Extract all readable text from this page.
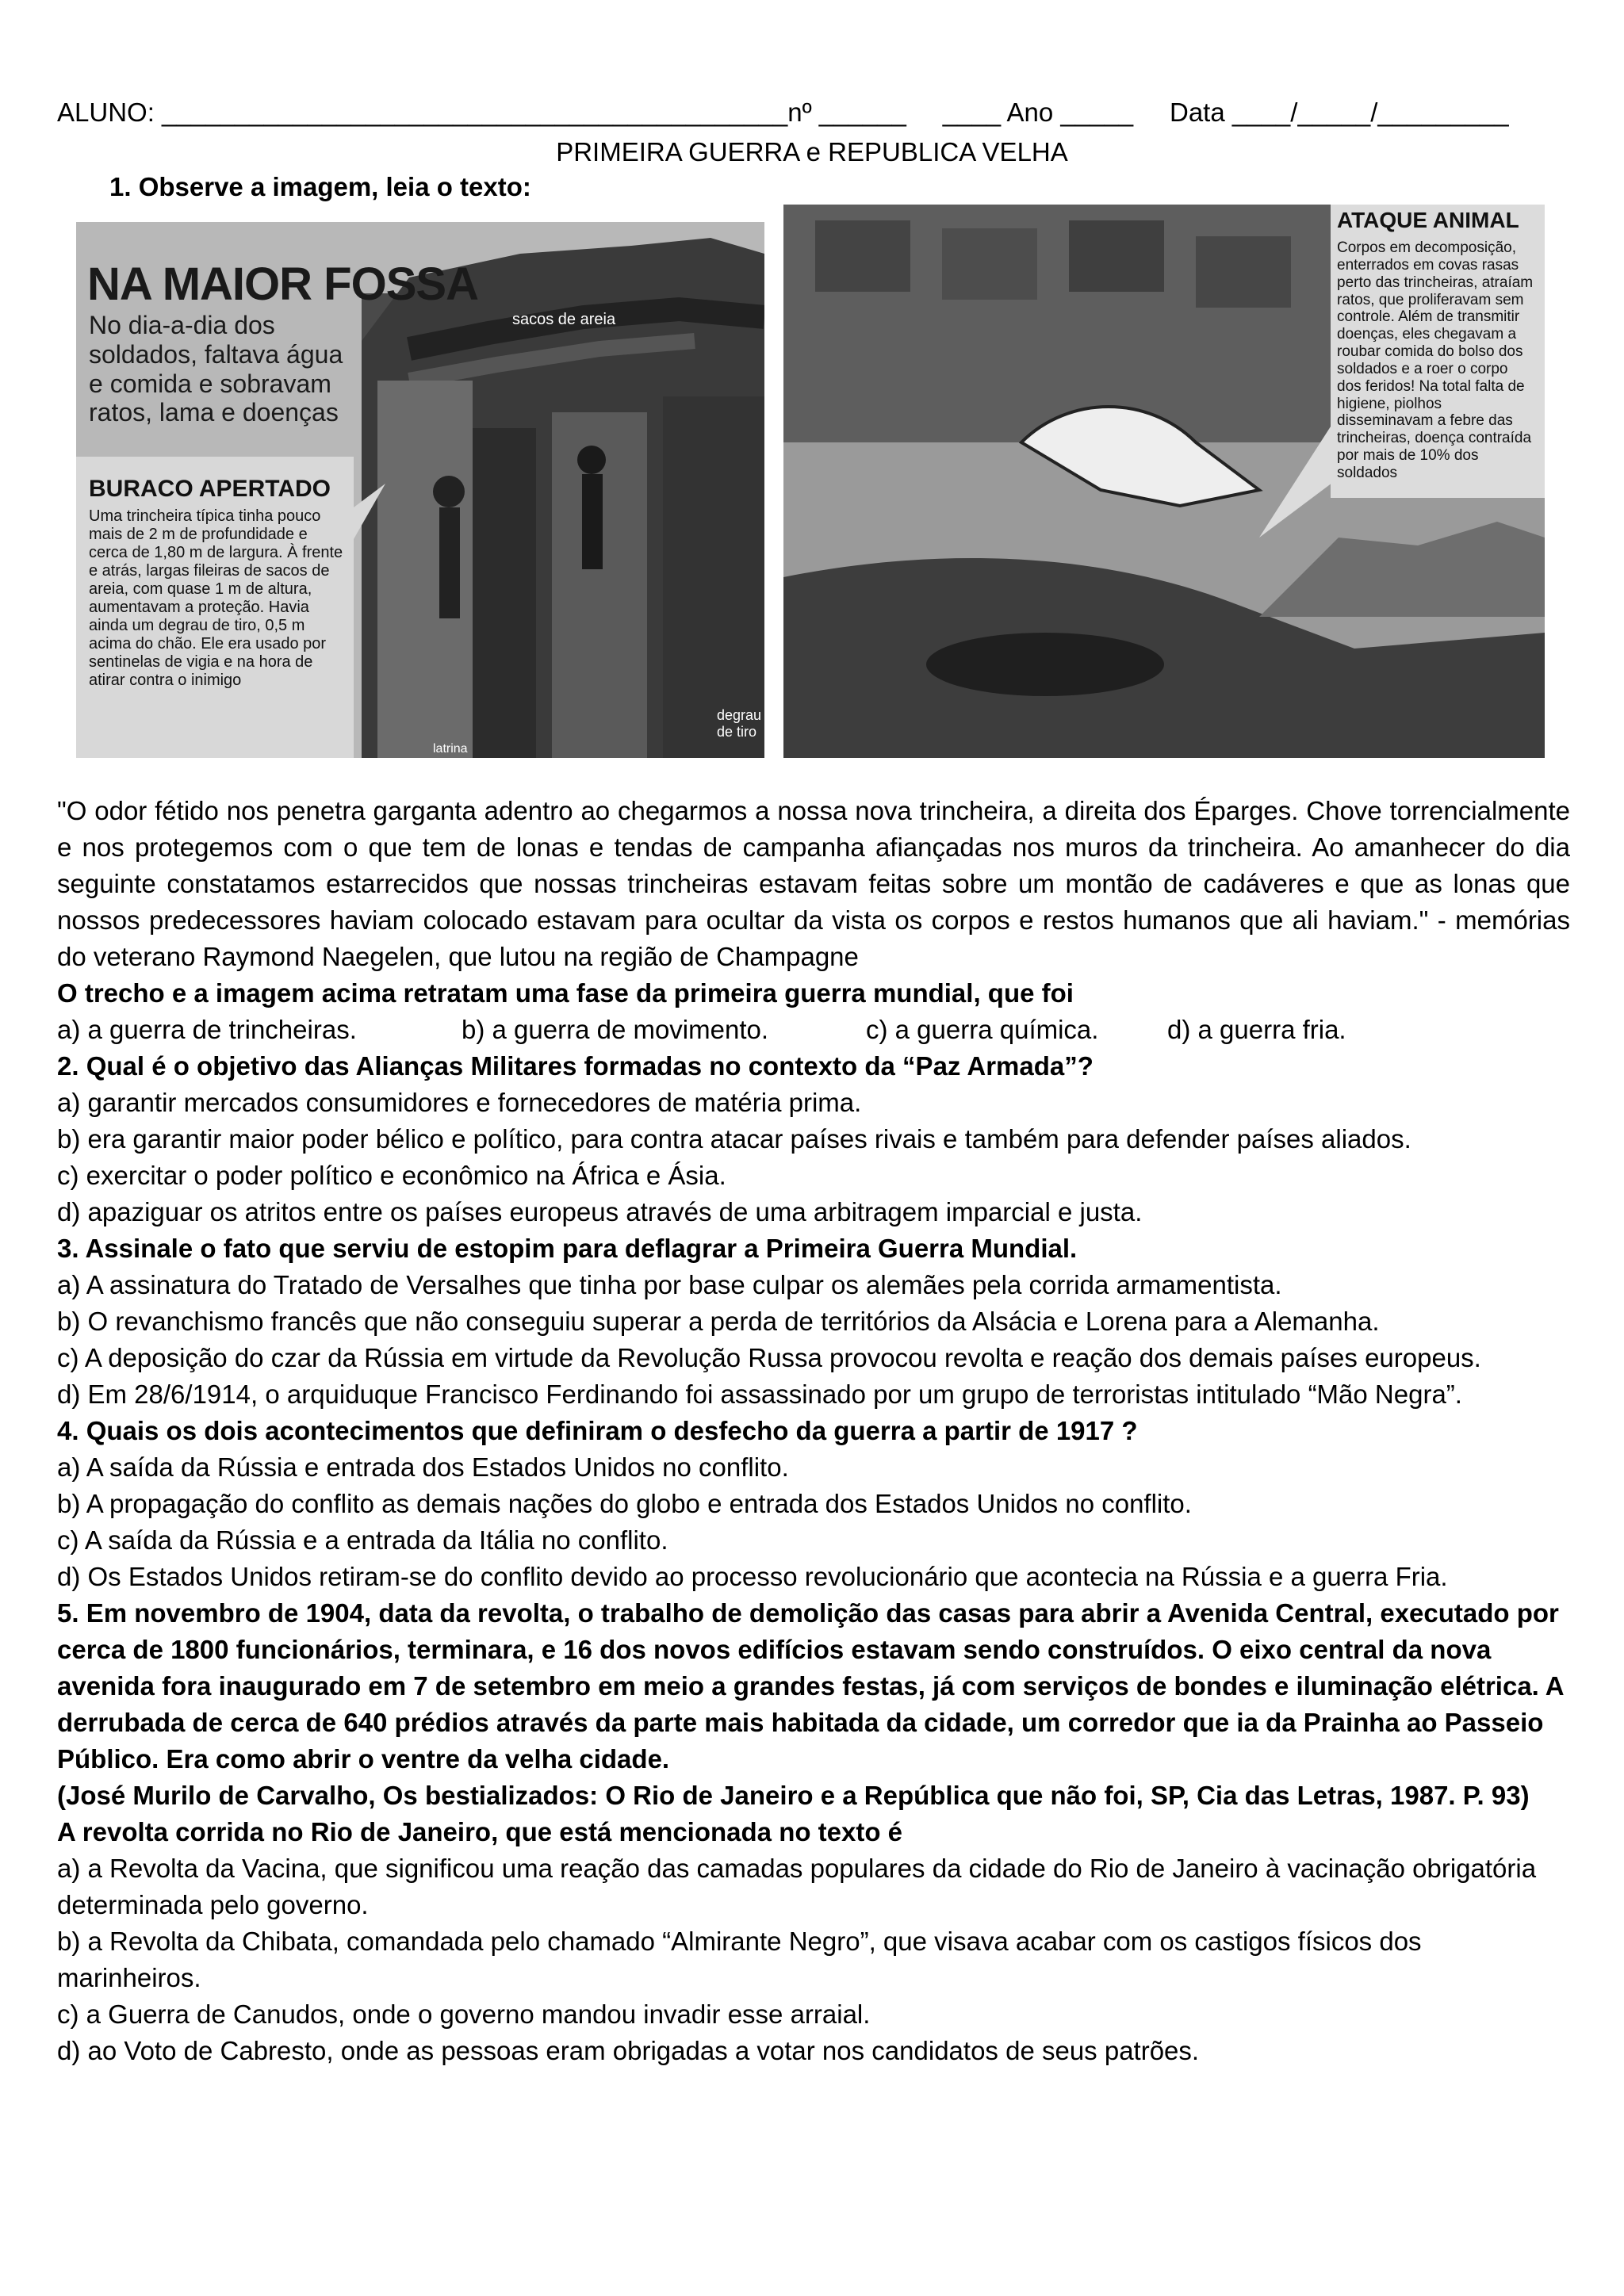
ALUNO: ___________________________________________nº ______     ____ Ano _____     Data ____/_____/_________
PRIMEIRA GUERRA e REPUBLICA VELHA
1. Observe a imagem, leia o texto:
NA MAIOR FOSSA
No dia-a-dia dos soldados, faltava água e comida e sobravam ratos, lama e doenças
BURACO APERTADO
Uma trincheira típica tinha pouco mais de 2 m de profundidade e cerca de 1,80 m de largura. À frente e atrás, largas fileiras de sacos de areia, com quase 1 m de altura, aumentavam a proteção. Havia ainda um degrau de tiro, 0,5 m acima do chão. Ele era usado por sentinelas de vigia e na hora de atirar contra o inimigo
sacos de areia
degrau de tiro
latrina
ATAQUE ANIMAL
Corpos em decomposição, enterrados em covas rasas perto das trincheiras, atraíam ratos, que proliferavam sem controle. Além de transmitir doenças, eles chegavam a roubar comida do bolso dos soldados e a roer o corpo dos feridos! Na total falta de higiene, piolhos disseminavam a febre das trincheiras, doença contraída por mais de 10% dos soldados
"O odor fétido nos penetra garganta adentro ao chegarmos a nossa nova trincheira, a direita dos Éparges. Chove torrencialmente e nos protegemos com o que tem de lonas e tendas de campanha afiançadas nos muros da trincheira. Ao amanhecer do dia seguinte constatamos estarrecidos que nossas trincheiras estavam feitas sobre um montão de cadáveres e que as lonas que nossos predecessores haviam colocado estavam para ocultar da vista os corpos e restos humanos que ali haviam." - memórias do veterano Raymond Naegelen, que lutou na região de Champagne
O trecho e a imagem acima retratam uma fase da primeira guerra mundial, que foi
a) a guerra de trincheiras.	b) a guerra de movimento.	c) a guerra química.	d) a guerra fria.
2. Qual é o objetivo das Alianças Militares formadas no contexto da “Paz Armada”?
a) garantir mercados consumidores e fornecedores de matéria prima.
b) era garantir maior poder bélico e político, para contra atacar países rivais e também para defender países aliados.
c) exercitar o poder político e econômico na África e Ásia.
d) apaziguar os atritos entre os países europeus através de uma arbitragem imparcial e justa.
3. Assinale o fato que serviu de estopim para deflagrar a Primeira Guerra Mundial.
a) A assinatura do Tratado de Versalhes que tinha por base culpar os alemães pela corrida armamentista.
b) O revanchismo francês que não conseguiu superar a perda de territórios da Alsácia e Lorena para a Alemanha.
c) A deposição do czar da Rússia em virtude da Revolução Russa provocou revolta e reação dos demais países europeus.
d) Em 28/6/1914, o arquiduque Francisco Ferdinando foi assassinado por um grupo de terroristas intitulado “Mão Negra”.
4. Quais os dois acontecimentos que definiram o desfecho da guerra a partir de 1917 ?
a) A saída da Rússia e entrada dos Estados Unidos no conflito.
b) A propagação do conflito as demais nações do globo e entrada dos Estados Unidos no conflito.
c) A saída da Rússia e a entrada da Itália no conflito.
d) Os Estados Unidos retiram-se do conflito devido ao processo revolucionário que acontecia na Rússia e a guerra Fria.
5. Em novembro de 1904, data da revolta, o trabalho de demolição das casas para abrir a Avenida Central, executado por cerca de 1800 funcionários, terminara, e 16 dos novos edifícios estavam sendo construídos. O eixo central da nova avenida fora inaugurado em 7 de setembro em meio a grandes festas, já com serviços de bondes e iluminação elétrica. A derrubada de cerca de 640 prédios através da parte mais habitada da cidade, um corredor que ia da Prainha ao Passeio Público. Era como abrir o ventre da velha cidade.
(José Murilo de Carvalho, Os bestializados: O Rio de Janeiro e a República que não foi, SP, Cia das Letras, 1987. P. 93)
A revolta corrida no Rio de Janeiro, que está mencionada no texto é
a) a Revolta da Vacina, que significou uma reação das camadas populares da cidade do Rio de Janeiro à vacinação obrigatória determinada pelo governo.
b) a Revolta da Chibata, comandada pelo chamado “Almirante Negro”, que visava acabar com os castigos físicos dos marinheiros.
c) a Guerra de Canudos, onde o governo mandou invadir esse arraial.
d) ao Voto de Cabresto, onde as pessoas eram obrigadas a votar nos candidatos de seus patrões.
